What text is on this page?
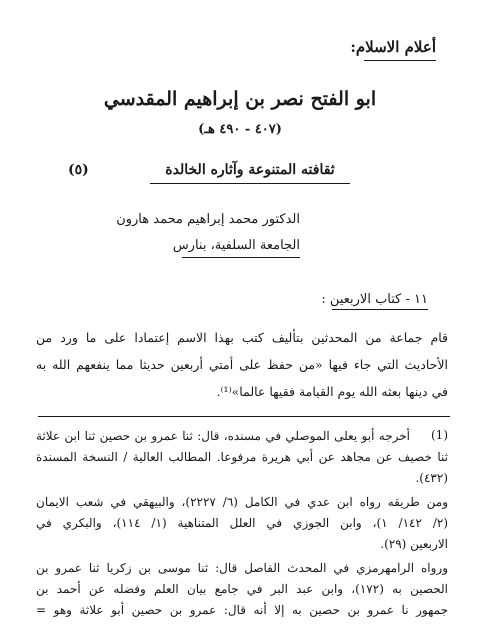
أعلام الاسلام:
ابو الفتح نصر بن إبراهيم المقدسي
(٤٠٧ - ٤٩٠ هـ)
(٥)	ثقافته المتنوعة وآثاره الخالدة
الدكتور محمد إبراهيم محمد هارون
الجامعة السلفية، بنارس
١١ - كتاب الاربعين :
قام جماعة من المحدثين بتأليف كتب بهذا الاسم إعتمادا على ما ورد من
الأحاديث التي جاء فيها «من حفظ على أمتي أربعين حديثا مما ينفعهم الله به
في دينها بعثه الله يوم القيامة فقيها عالما»⁽¹⁾.
(1)
أخرجه أبو يعلى الموصلي في مسنده، قال: ثنا عمرو بن حصين ثنا ابن علاثة
ثنا خصيف عن مجاهد عن أبي هريرة مرفوعا. المطالب العالية / النسخة المسندة
(٤٣٢).
ومن طريقه رواه ابن عدي في الكامل (٦/ ٢٢٢٧)، والبيهقي في شعب الايمان
(٢/ ١٤٢/ ١)، وابن الجوزي في العلل المتناهية (١/ ١١٤)، والبكري في
الاربعين (٢٩).
ورواه الرامهرمزي في المحدث الفاصل قال: ثنا موسى بن زكريا ثنا عمرو بن
الحصين به (١٧٢)، وابن عبد البر في جامع بيان العلم وفضله عن أحمد بن
جمهور نا عمرو بن حصين به إلا أنه قال: عمرو بن حصين أبو علاثة وهو =
